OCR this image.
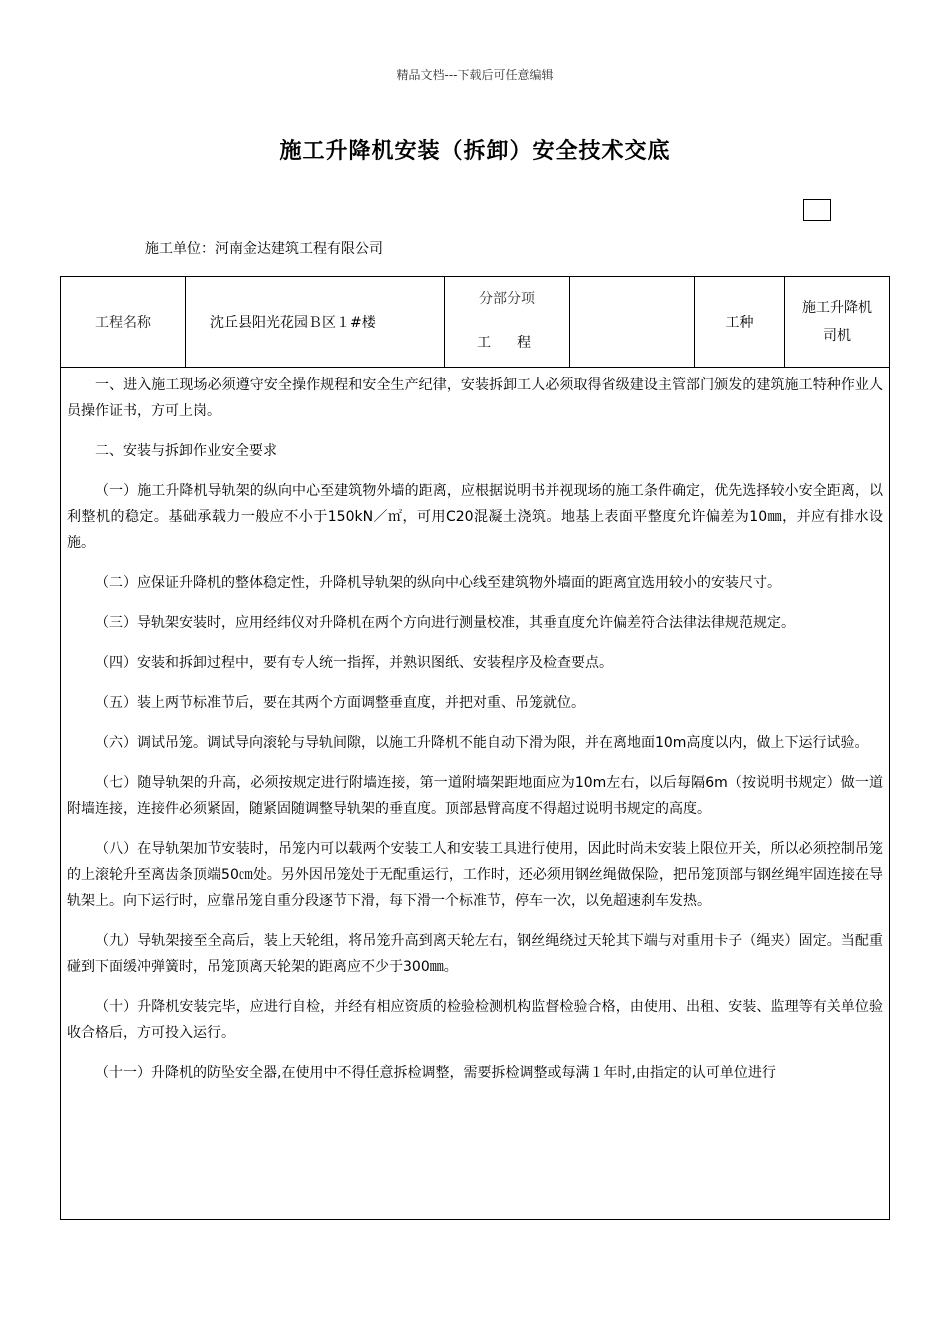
精品文档---下载后可任意编辑
施工升降机安装（拆卸）安全技术交底
施工单位：河南金达建筑工程有限公司
工程名称	沈丘县阳光花园Ｂ区１#楼
分部分项
工程
工种
施工升降机
司机

一、进入施工现场必须遵守安全操作规程和安全生产纪律，安装拆卸工人必须取得省级建设主管部门颁发的建筑施工特种作业人员操作证书，方可上岗。

二、安装与拆卸作业安全要求

（一）施工升降机导轨架的纵向中心至建筑物外墙的距离，应根据说明书并视现场的施工条件确定，优先选择较小安全距离，以利整机的稳定。基础承载力一般应不小于150kN／㎡，可用C20混凝土浇筑。地基上表面平整度允许偏差为10㎜，并应有排水设施。

（二）应保证升降机的整体稳定性，升降机导轨架的纵向中心线至建筑物外墙面的距离宜选用较小的安装尺寸。

（三）导轨架安装时，应用经纬仪对升降机在两个方向进行测量校准，其垂直度允许偏差符合法律法律规范规定。

（四）安装和拆卸过程中，要有专人统一指挥，并熟识图纸、安装程序及检查要点。

（五）装上两节标准节后，要在其两个方面调整垂直度，并把对重、吊笼就位。

（六）调试吊笼。调试导向滚轮与导轨间隙，以施工升降机不能自动下滑为限，并在离地面10m高度以内，做上下运行试验。

（七）随导轨架的升高，必须按规定进行附墙连接，第一道附墙架距地面应为10m左右，以后每隔6m（按说明书规定）做一道附墙连接，连接件必须紧固，随紧固随调整导轨架的垂直度。顶部悬臂高度不得超过说明书规定的高度。

（八）在导轨架加节安装时，吊笼内可以载两个安装工人和安装工具进行使用，因此时尚未安装上限位开关，所以必须控制吊笼的上滚轮升至离齿条顶端50㎝处。另外因吊笼处于无配重运行，工作时，还必须用钢丝绳做保险，把吊笼顶部与钢丝绳牢固连接在导轨架上。向下运行时，应靠吊笼自重分段逐节下滑，每下滑一个标准节，停车一次，以免超速刹车发热。

（九）导轨架接至全高后，装上天轮组，将吊笼升高到离天轮左右，钢丝绳绕过天轮其下端与对重用卡子（绳夹）固定。当配重碰到下面缓冲弹簧时，吊笼顶离天轮架的距离应不少于300㎜。

（十）升降机安装完毕，应进行自检，并经有相应资质的检验检测机构监督检验合格，由使用、出租、安装、监理等有关单位验收合格后，方可投入运行。

（十一）升降机的防坠安全器,在使用中不得任意拆检调整，需要拆检调整或每满１年时,由指定的认可单位进行
